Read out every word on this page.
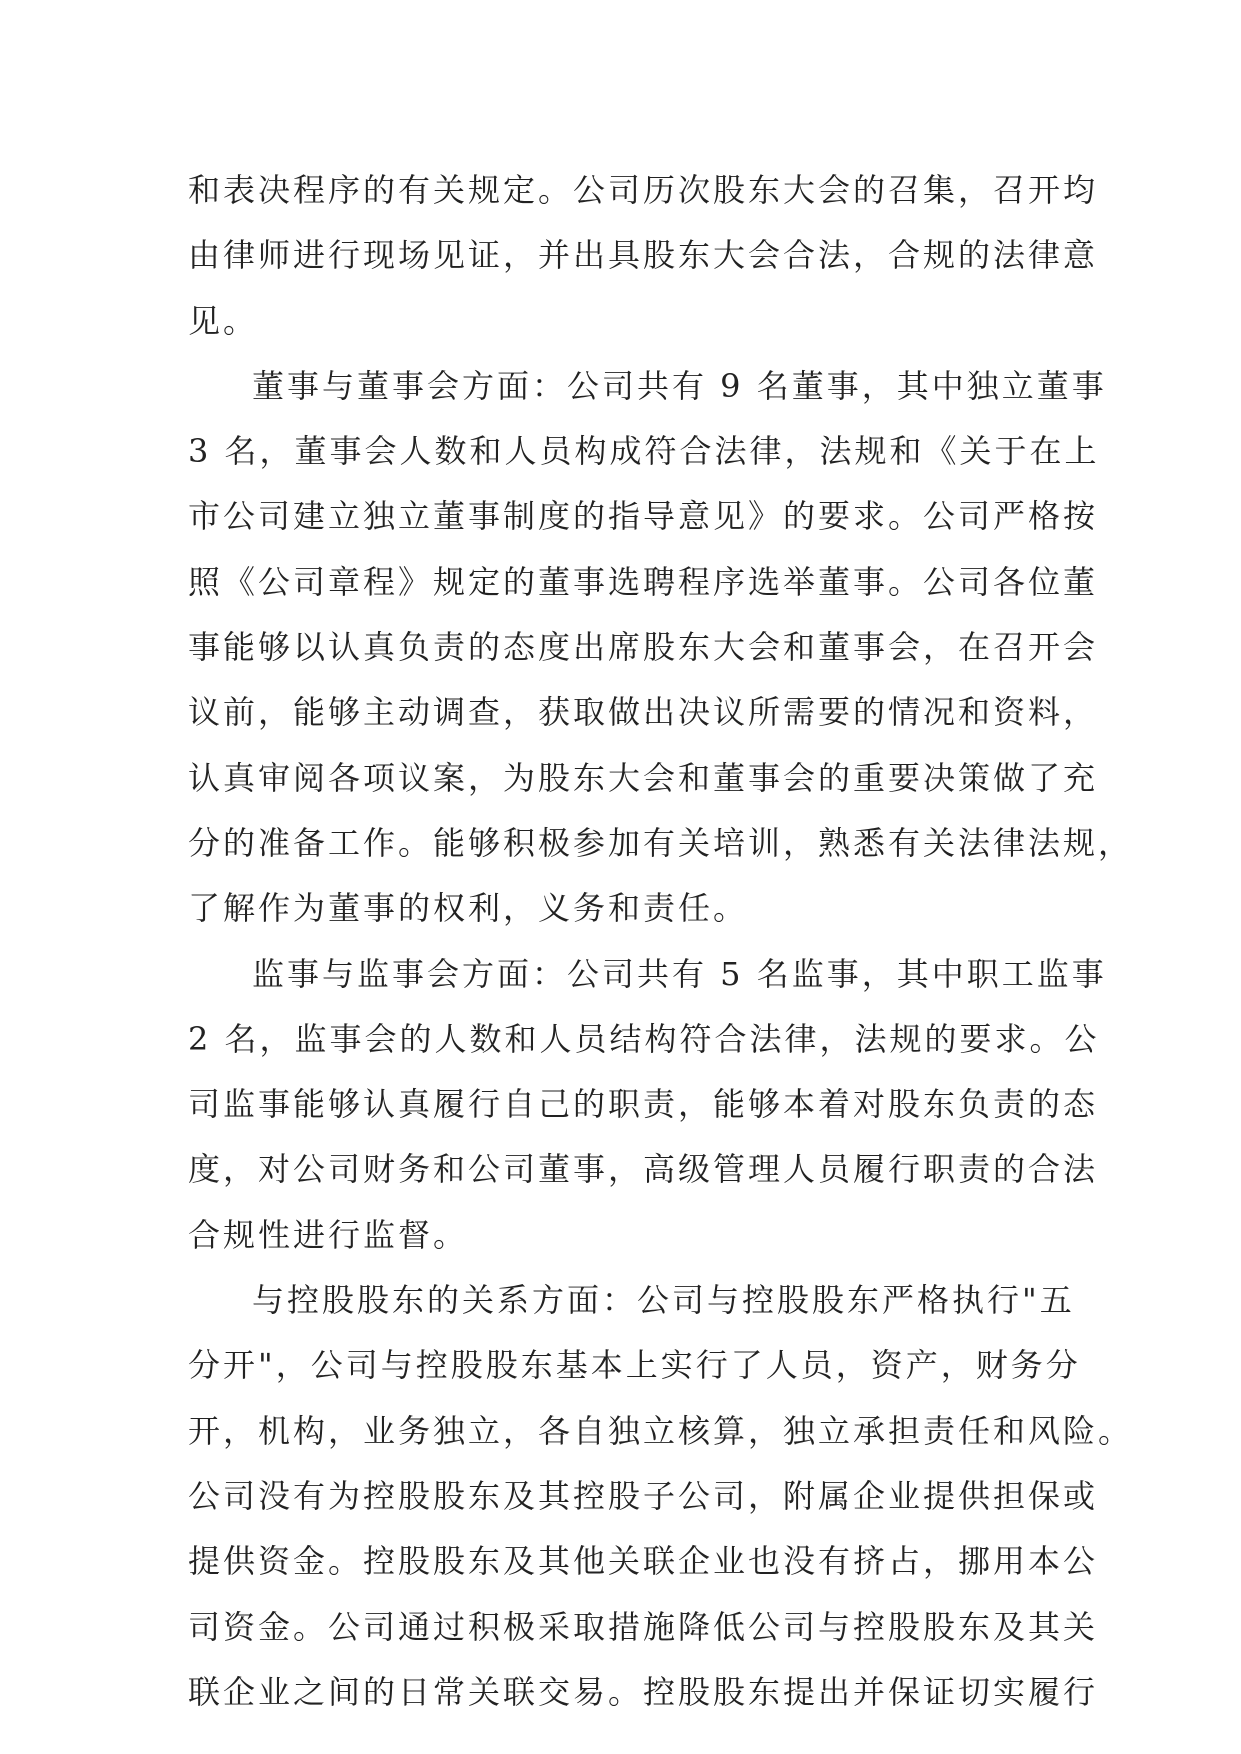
和表决程序的有关规定。公司历次股东大会的召集，召开均
由律师进行现场见证，并出具股东大会合法，合规的法律意
见。

董事与董事会方面：公司共有 9 名董事，其中独立董事
3 名，董事会人数和人员构成符合法律，法规和《关于在上
市公司建立独立董事制度的指导意见》的要求。公司严格按
照《公司章程》规定的董事选聘程序选举董事。公司各位董
事能够以认真负责的态度出席股东大会和董事会，在召开会
议前，能够主动调查，获取做出决议所需要的情况和资料，
认真审阅各项议案，为股东大会和董事会的重要决策做了充
分的准备工作。能够积极参加有关培训，熟悉有关法律法规，
了解作为董事的权利，义务和责任。

监事与监事会方面：公司共有 5 名监事，其中职工监事
2 名，监事会的人数和人员结构符合法律，法规的要求。公
司监事能够认真履行自己的职责，能够本着对股东负责的态
度，对公司财务和公司董事，高级管理人员履行职责的合法
合规性进行监督。

与控股股东的关系方面：公司与控股股东严格执行"五
分开"，公司与控股股东基本上实行了人员，资产，财务分
开，机构，业务独立，各自独立核算，独立承担责任和风险。
公司没有为控股股东及其控股子公司，附属企业提供担保或
提供资金。控股股东及其他关联企业也没有挤占，挪用本公
司资金。公司通过积极采取措施降低公司与控股股东及其关
联企业之间的日常关联交易。控股股东提出并保证切实履行
